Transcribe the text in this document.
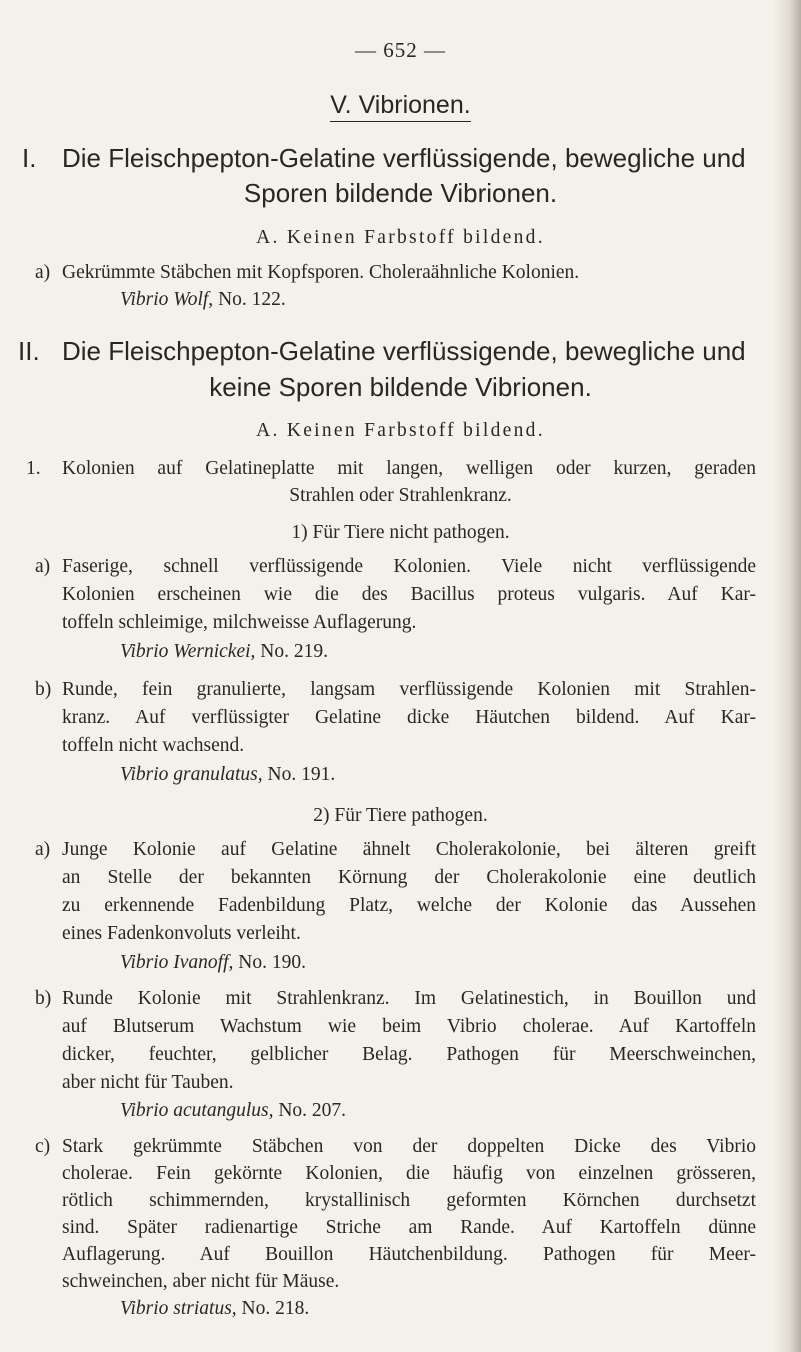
— 652 —
V. Vibrionen.
I. Die Fleischpepton-Gelatine verflüssigende, bewegliche und
Sporen bildende Vibrionen.
A. Keinen Farbstoff bildend.
a) Gekrümmte Stäbchen mit Kopfsporen. Choleraähnliche Kolonien.
Vibrio Wolf, No. 122.
II. Die Fleischpepton-Gelatine verflüssigende, bewegliche und
keine Sporen bildende Vibrionen.
A. Keinen Farbstoff bildend.
1. Kolonien auf Gelatineplatte mit langen, welligen oder kurzen, geraden
Strahlen oder Strahlenkranz.
1) Für Tiere nicht pathogen.
a) Faserige, schnell verflüssigende Kolonien. Viele nicht verflüssigende
Kolonien erscheinen wie die des Bacillus proteus vulgaris. Auf Kar-
toffeln schleimige, milchweisse Auflagerung.
Vibrio Wernickei, No. 219.
b) Runde, fein granulierte, langsam verflüssigende Kolonien mit Strahlen-
kranz. Auf verflüssigter Gelatine dicke Häutchen bildend. Auf Kar-
toffeln nicht wachsend.
Vibrio granulatus, No. 191.
2) Für Tiere pathogen.
a) Junge Kolonie auf Gelatine ähnelt Cholerakolonie, bei älteren greift
an Stelle der bekannten Körnung der Cholerakolonie eine deutlich
zu erkennende Fadenbildung Platz, welche der Kolonie das Aussehen
eines Fadenkonvoluts verleiht.
Vibrio Ivanoff, No. 190.
b) Runde Kolonie mit Strahlenkranz. Im Gelatinestich, in Bouillon und
auf Blutserum Wachstum wie beim Vibrio cholerae. Auf Kartoffeln
dicker, feuchter, gelblicher Belag. Pathogen für Meerschweinchen,
aber nicht für Tauben.
Vibrio acutangulus, No. 207.
c) Stark gekrümmte Stäbchen von der doppelten Dicke des Vibrio
cholerae. Fein gekörnte Kolonien, die häufig von einzelnen grösseren,
rötlich schimmernden, krystallinisch geformten Körnchen durchsetzt
sind. Später radienartige Striche am Rande. Auf Kartoffeln dünne
Auflagerung. Auf Bouillon Häutchenbildung. Pathogen für Meer-
schweinchen, aber nicht für Mäuse.
Vibrio striatus, No. 218.
